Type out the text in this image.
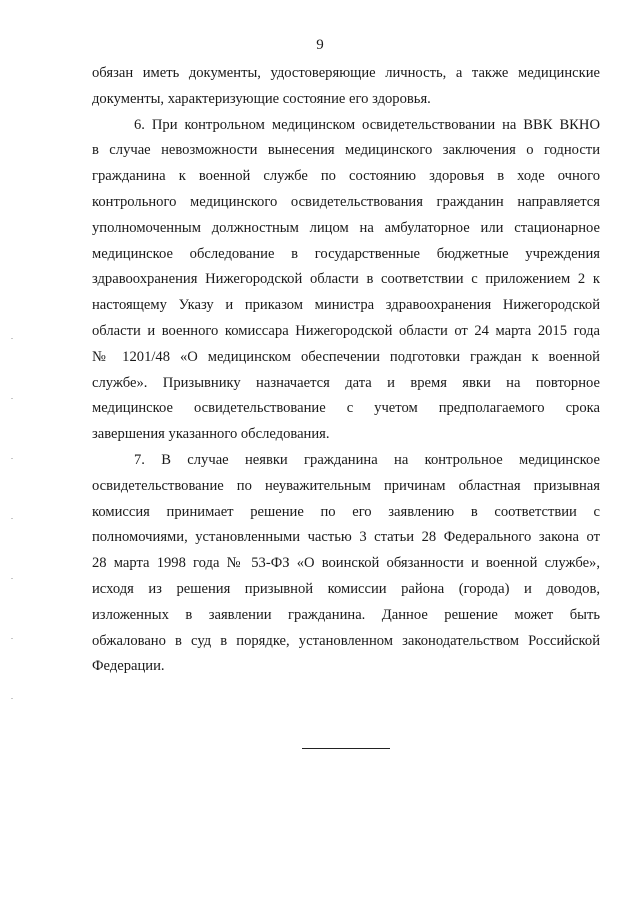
9
обязан иметь документы, удостоверяющие личность, а также медицинские
документы, характеризующие состояние его здоровья.
6. При контрольном медицинском освидетельствовании на ВВК ВКНО
в случае невозможности вынесения медицинского заключения о годности
гражданина к военной службе по состоянию здоровья в ходе очного
контрольного медицинского освидетельствования гражданин направляется
уполномоченным должностным лицом на амбулаторное или стационарное
медицинское обследование в государственные бюджетные учреждения
здравоохранения Нижегородской области в соответствии с приложением 2 к
настоящему Указу и приказом министра здравоохранения Нижегородской
области и военного комиссара Нижегородской области от 24 марта 2015 года
№ 1201/48 «О медицинском обеспечении подготовки граждан к военной
службе». Призывнику назначается дата и время явки на повторное
медицинское освидетельствование с учетом предполагаемого срока
завершения указанного обследования.
7. В случае неявки гражданина на контрольное медицинское
освидетельствование по неуважительным причинам областная призывная
комиссия принимает решение по его заявлению в соответствии с
полномочиями, установленными частью 3 статьи 28 Федерального закона от
28 марта 1998 года № 53-ФЗ «О воинской обязанности и военной службе»,
исходя из решения призывной комиссии района (города) и доводов,
изложенных в заявлении гражданина. Данное решение может быть
обжаловано в суд в порядке, установленном законодательством Российской
Федерации.
